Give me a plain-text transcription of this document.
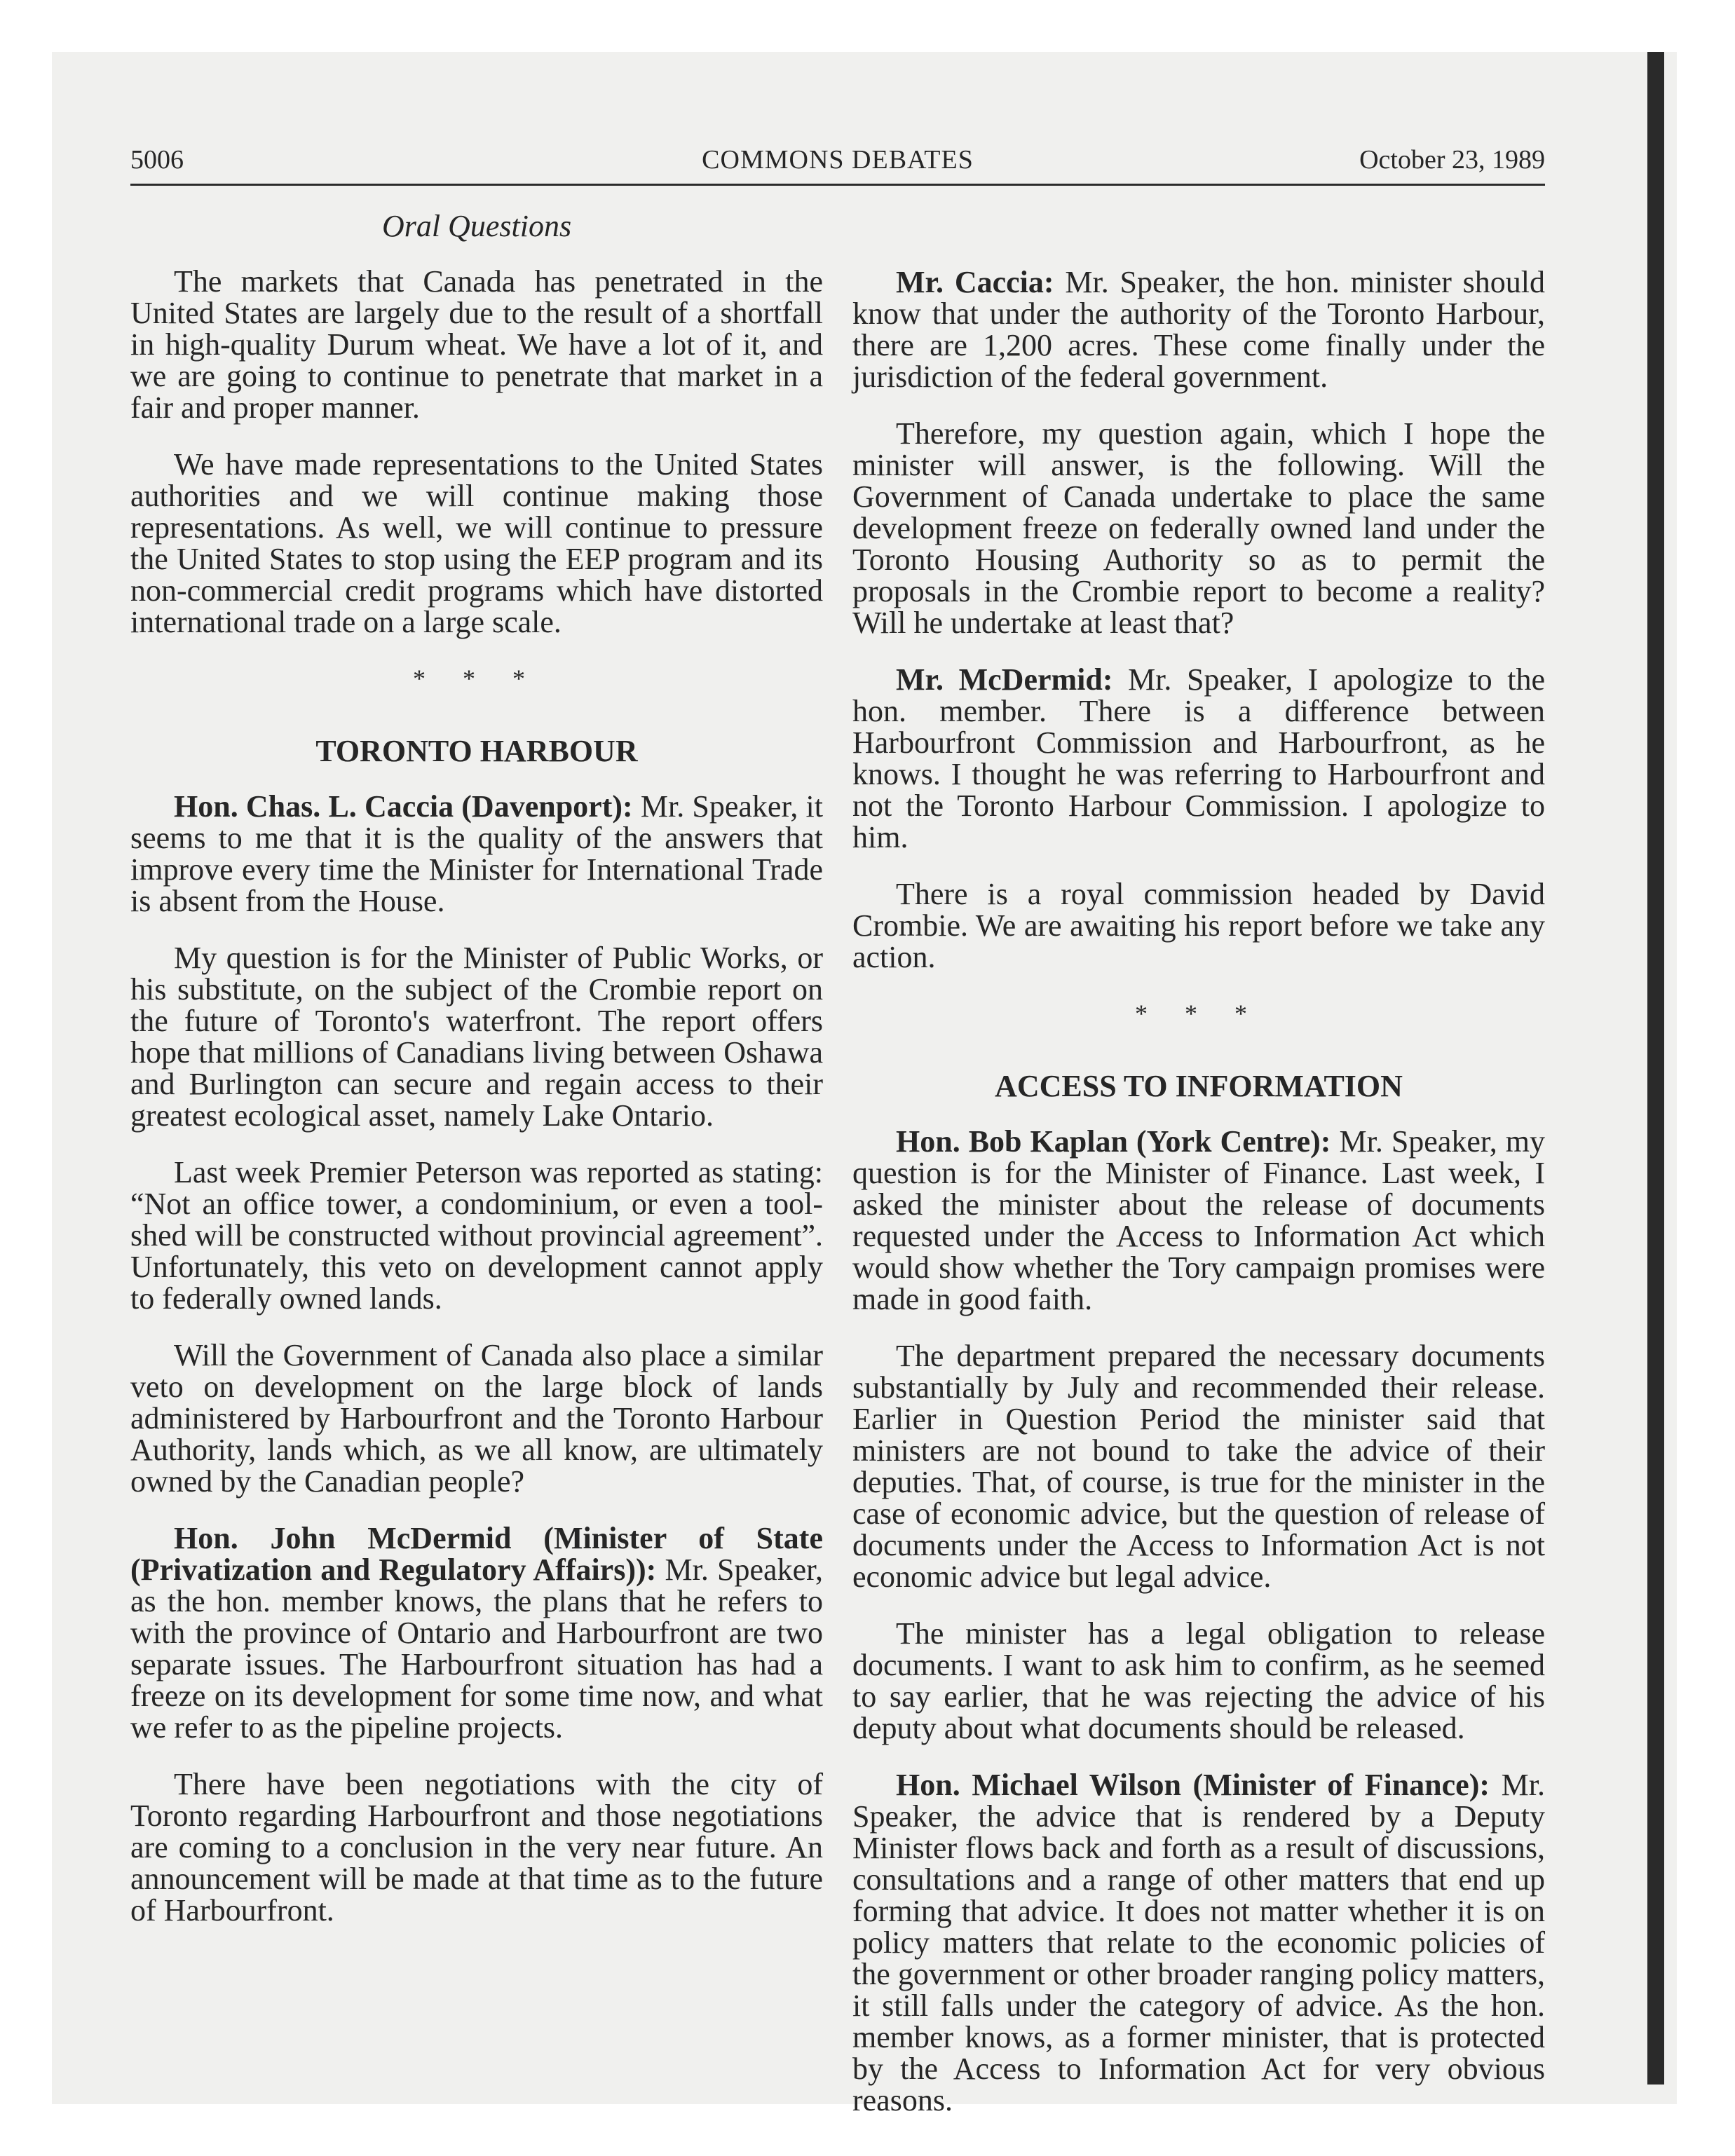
5006	COMMONS DEBATES	October 23, 1989
Oral Questions

The markets that Canada has penetrated in the United States are largely due to the result of a shortfall in high-quality Durum wheat. We have a lot of it, and we are going to continue to penetrate that market in a fair and proper manner.

We have made representations to the United States authorities and we will continue making those representations. As well, we will continue to pressure the United States to stop using the EEP program and its non-commercial credit programs which have distorted international trade on a large scale.

* * *
TORONTO HARBOUR

Hon. Chas. L. Caccia (Davenport): Mr. Speaker, it seems to me that it is the quality of the answers that improve every time the Minister for International Trade is absent from the House.

My question is for the Minister of Public Works, or his substitute, on the subject of the Crombie report on the future of Toronto's waterfront. The report offers hope that millions of Canadians living between Oshawa and Burlington can secure and regain access to their greatest ecological asset, namely Lake Ontario.

Last week Premier Peterson was reported as stating: “Not an office tower, a condominium, or even a tool-shed will be constructed without provincial agreement”. Unfortunately, this veto on development cannot apply to federally owned lands.

Will the Government of Canada also place a similar veto on development on the large block of lands administered by Harbourfront and the Toronto Harbour Authority, lands which, as we all know, are ultimately owned by the Canadian people?

Hon. John McDermid (Minister of State (Privatization and Regulatory Affairs)): Mr. Speaker, as the hon. member knows, the plans that he refers to with the province of Ontario and Harbourfront are two separate issues. The Harbourfront situation has had a freeze on its development for some time now, and what we refer to as the pipeline projects.

There have been negotiations with the city of Toronto regarding Harbourfront and those negotiations are coming to a conclusion in the very near future. An announcement will be made at that time as to the future of Harbourfront.

Mr. Caccia: Mr. Speaker, the hon. minister should know that under the authority of the Toronto Harbour, there are 1,200 acres. These come finally under the jurisdiction of the federal government.

Therefore, my question again, which I hope the minister will answer, is the following. Will the Government of Canada undertake to place the same development freeze on federally owned land under the Toronto Housing Authority so as to permit the proposals in the Crombie report to become a reality? Will he undertake at least that?

Mr. McDermid: Mr. Speaker, I apologize to the hon. member. There is a difference between Harbourfront Commission and Harbourfront, as he knows. I thought he was referring to Harbourfront and not the Toronto Harbour Commission. I apologize to him.

There is a royal commission headed by David Crombie. We are awaiting his report before we take any action.

* * *
ACCESS TO INFORMATION

Hon. Bob Kaplan (York Centre): Mr. Speaker, my question is for the Minister of Finance. Last week, I asked the minister about the release of documents requested under the Access to Information Act which would show whether the Tory campaign promises were made in good faith.

The department prepared the necessary documents substantially by July and recommended their release. Earlier in Question Period the minister said that ministers are not bound to take the advice of their deputies. That, of course, is true for the minister in the case of economic advice, but the question of release of documents under the Access to Information Act is not economic advice but legal advice.

The minister has a legal obligation to release documents. I want to ask him to confirm, as he seemed to say earlier, that he was rejecting the advice of his deputy about what documents should be released.

Hon. Michael Wilson (Minister of Finance): Mr. Speaker, the advice that is rendered by a Deputy Minister flows back and forth as a result of discussions, consultations and a range of other matters that end up forming that advice. It does not matter whether it is on policy matters that relate to the economic policies of the government or other broader ranging policy matters, it still falls under the category of advice. As the hon. member knows, as a former minister, that is protected by the Access to Information Act for very obvious reasons.
